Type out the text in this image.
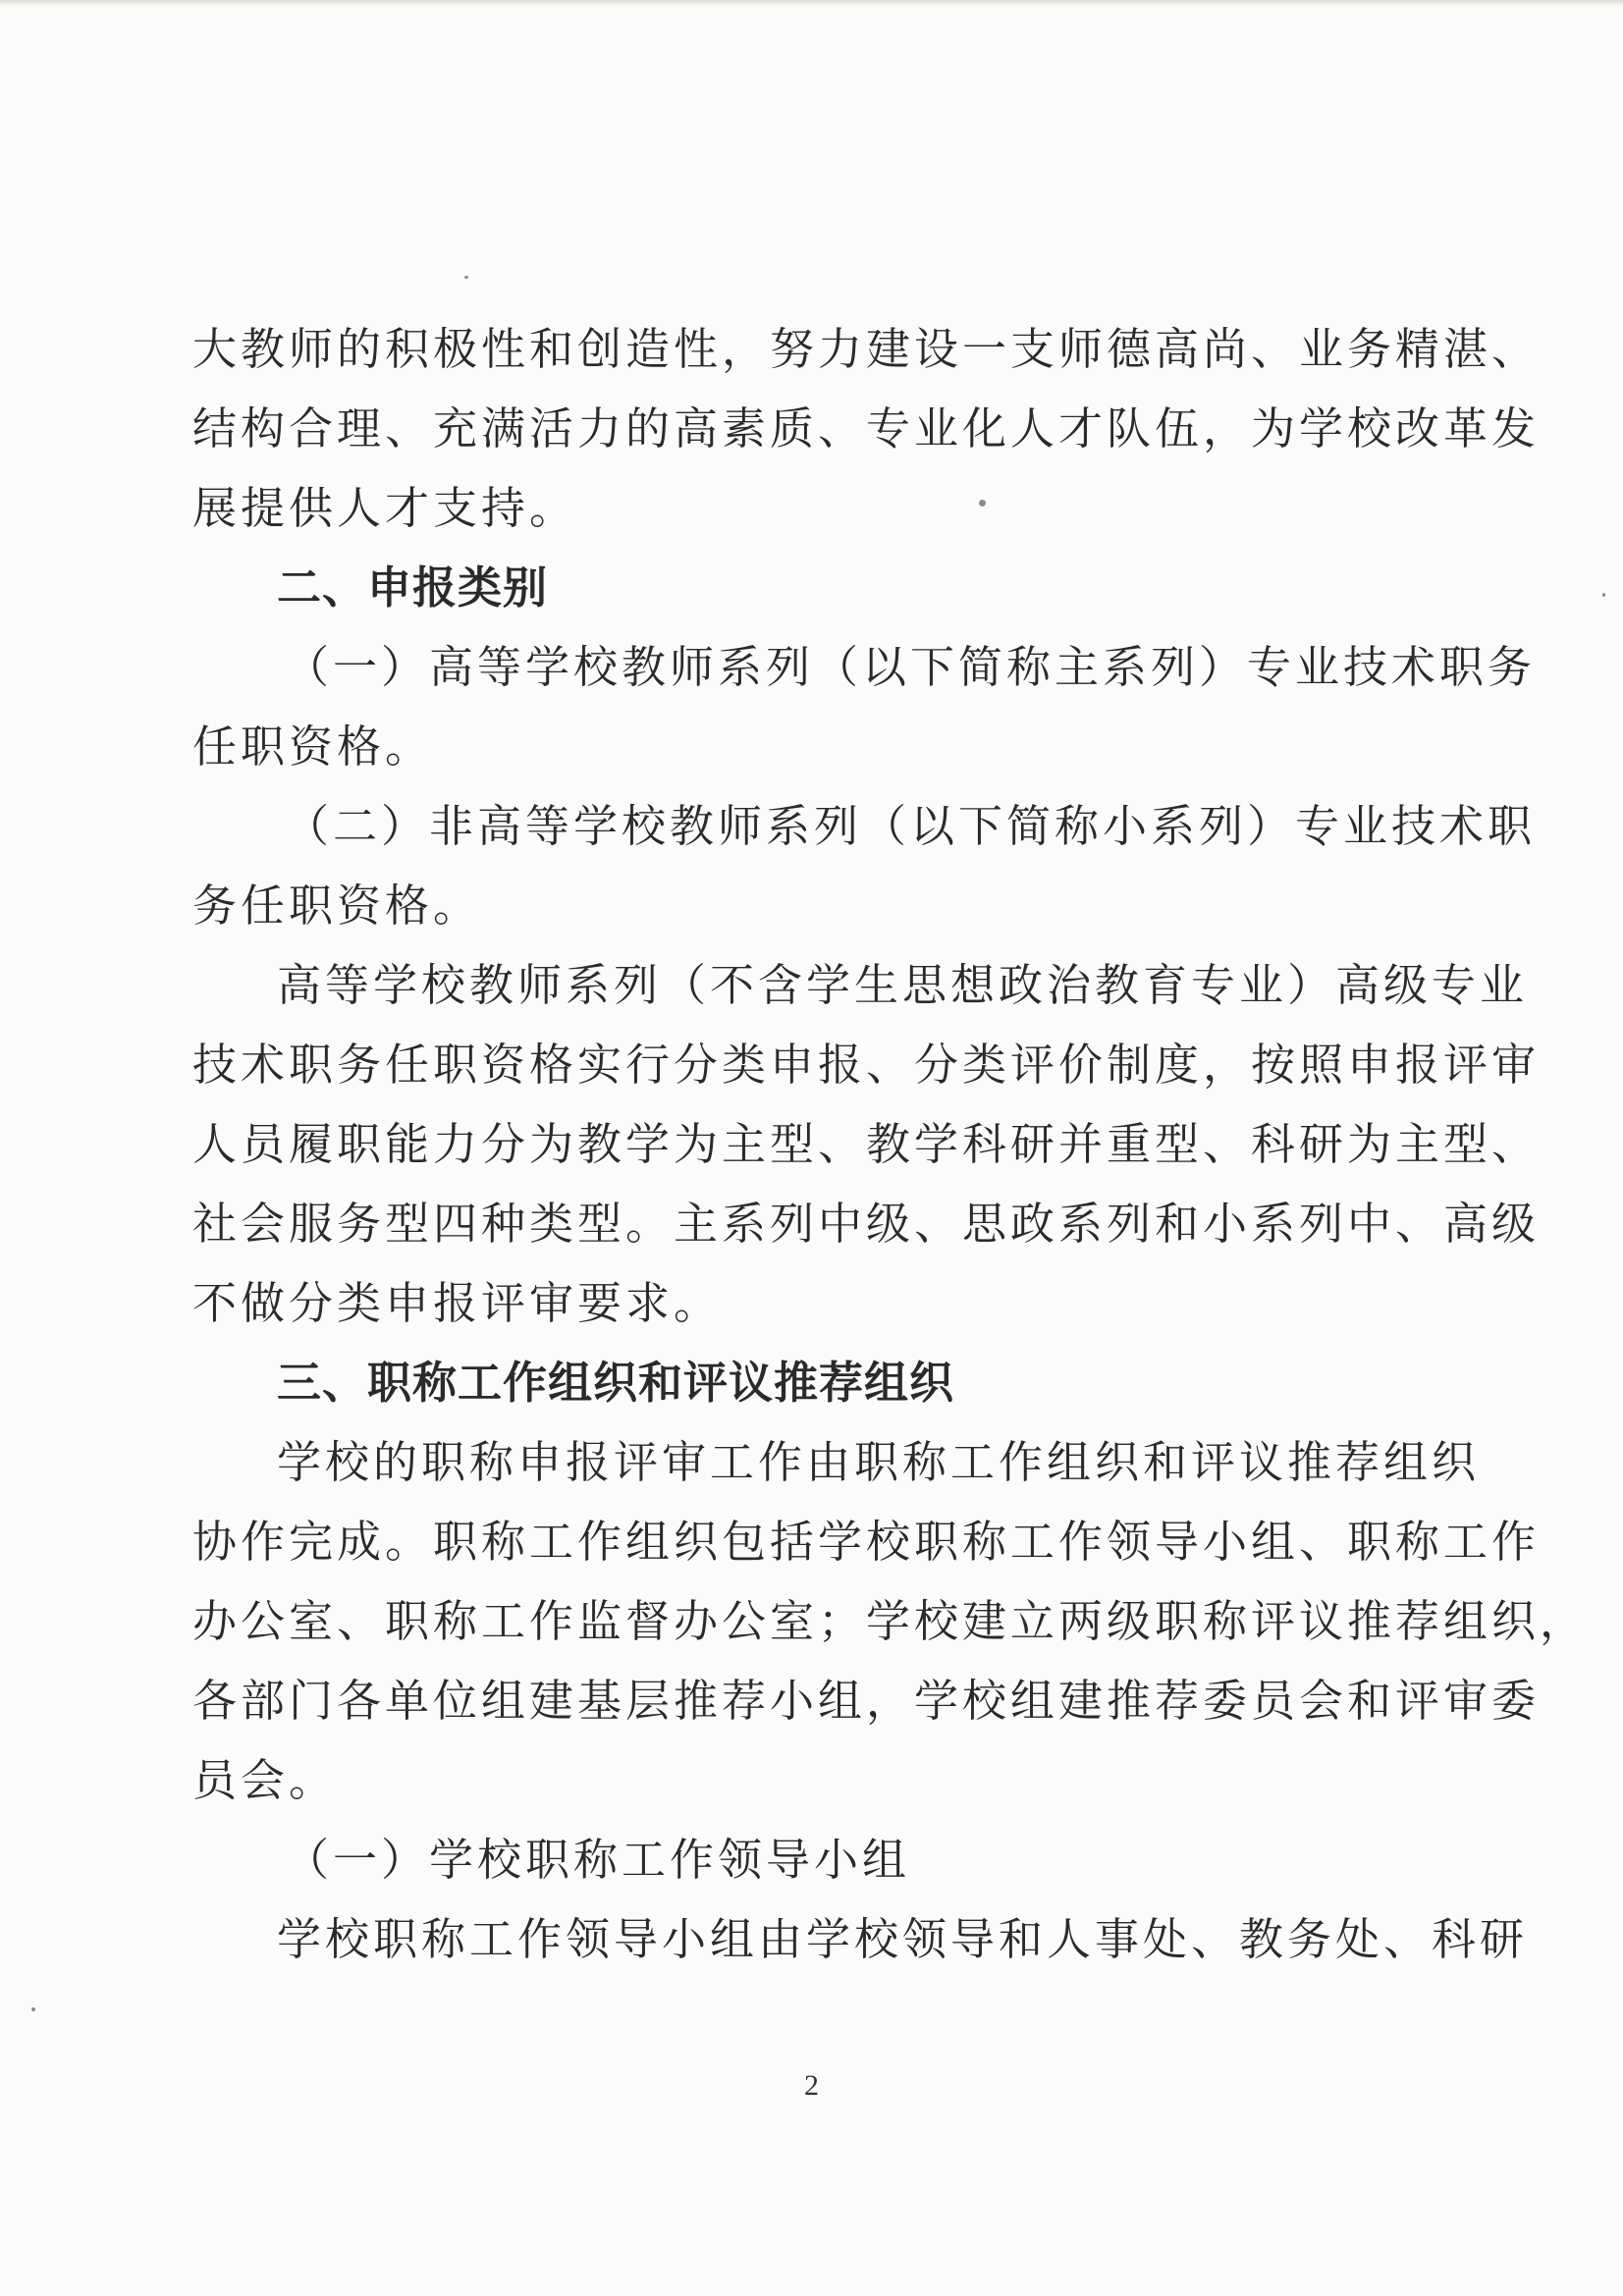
大教师的积极性和创造性，努力建设一支师德高尚、业务精湛、
结构合理、充满活力的高素质、专业化人才队伍，为学校改革发
展提供人才支持。
二、申报类别
（一）高等学校教师系列（以下简称主系列）专业技术职务
任职资格。
（二）非高等学校教师系列（以下简称小系列）专业技术职
务任职资格。
高等学校教师系列（不含学生思想政治教育专业）高级专业
技术职务任职资格实行分类申报、分类评价制度，按照申报评审
人员履职能力分为教学为主型、教学科研并重型、科研为主型、
社会服务型四种类型。主系列中级、思政系列和小系列中、高级
不做分类申报评审要求。
三、职称工作组织和评议推荐组织
学校的职称申报评审工作由职称工作组织和评议推荐组织
协作完成。职称工作组织包括学校职称工作领导小组、职称工作
办公室、职称工作监督办公室；学校建立两级职称评议推荐组织，
各部门各单位组建基层推荐小组，学校组建推荐委员会和评审委
员会。
（一）学校职称工作领导小组
学校职称工作领导小组由学校领导和人事处、教务处、科研
2
